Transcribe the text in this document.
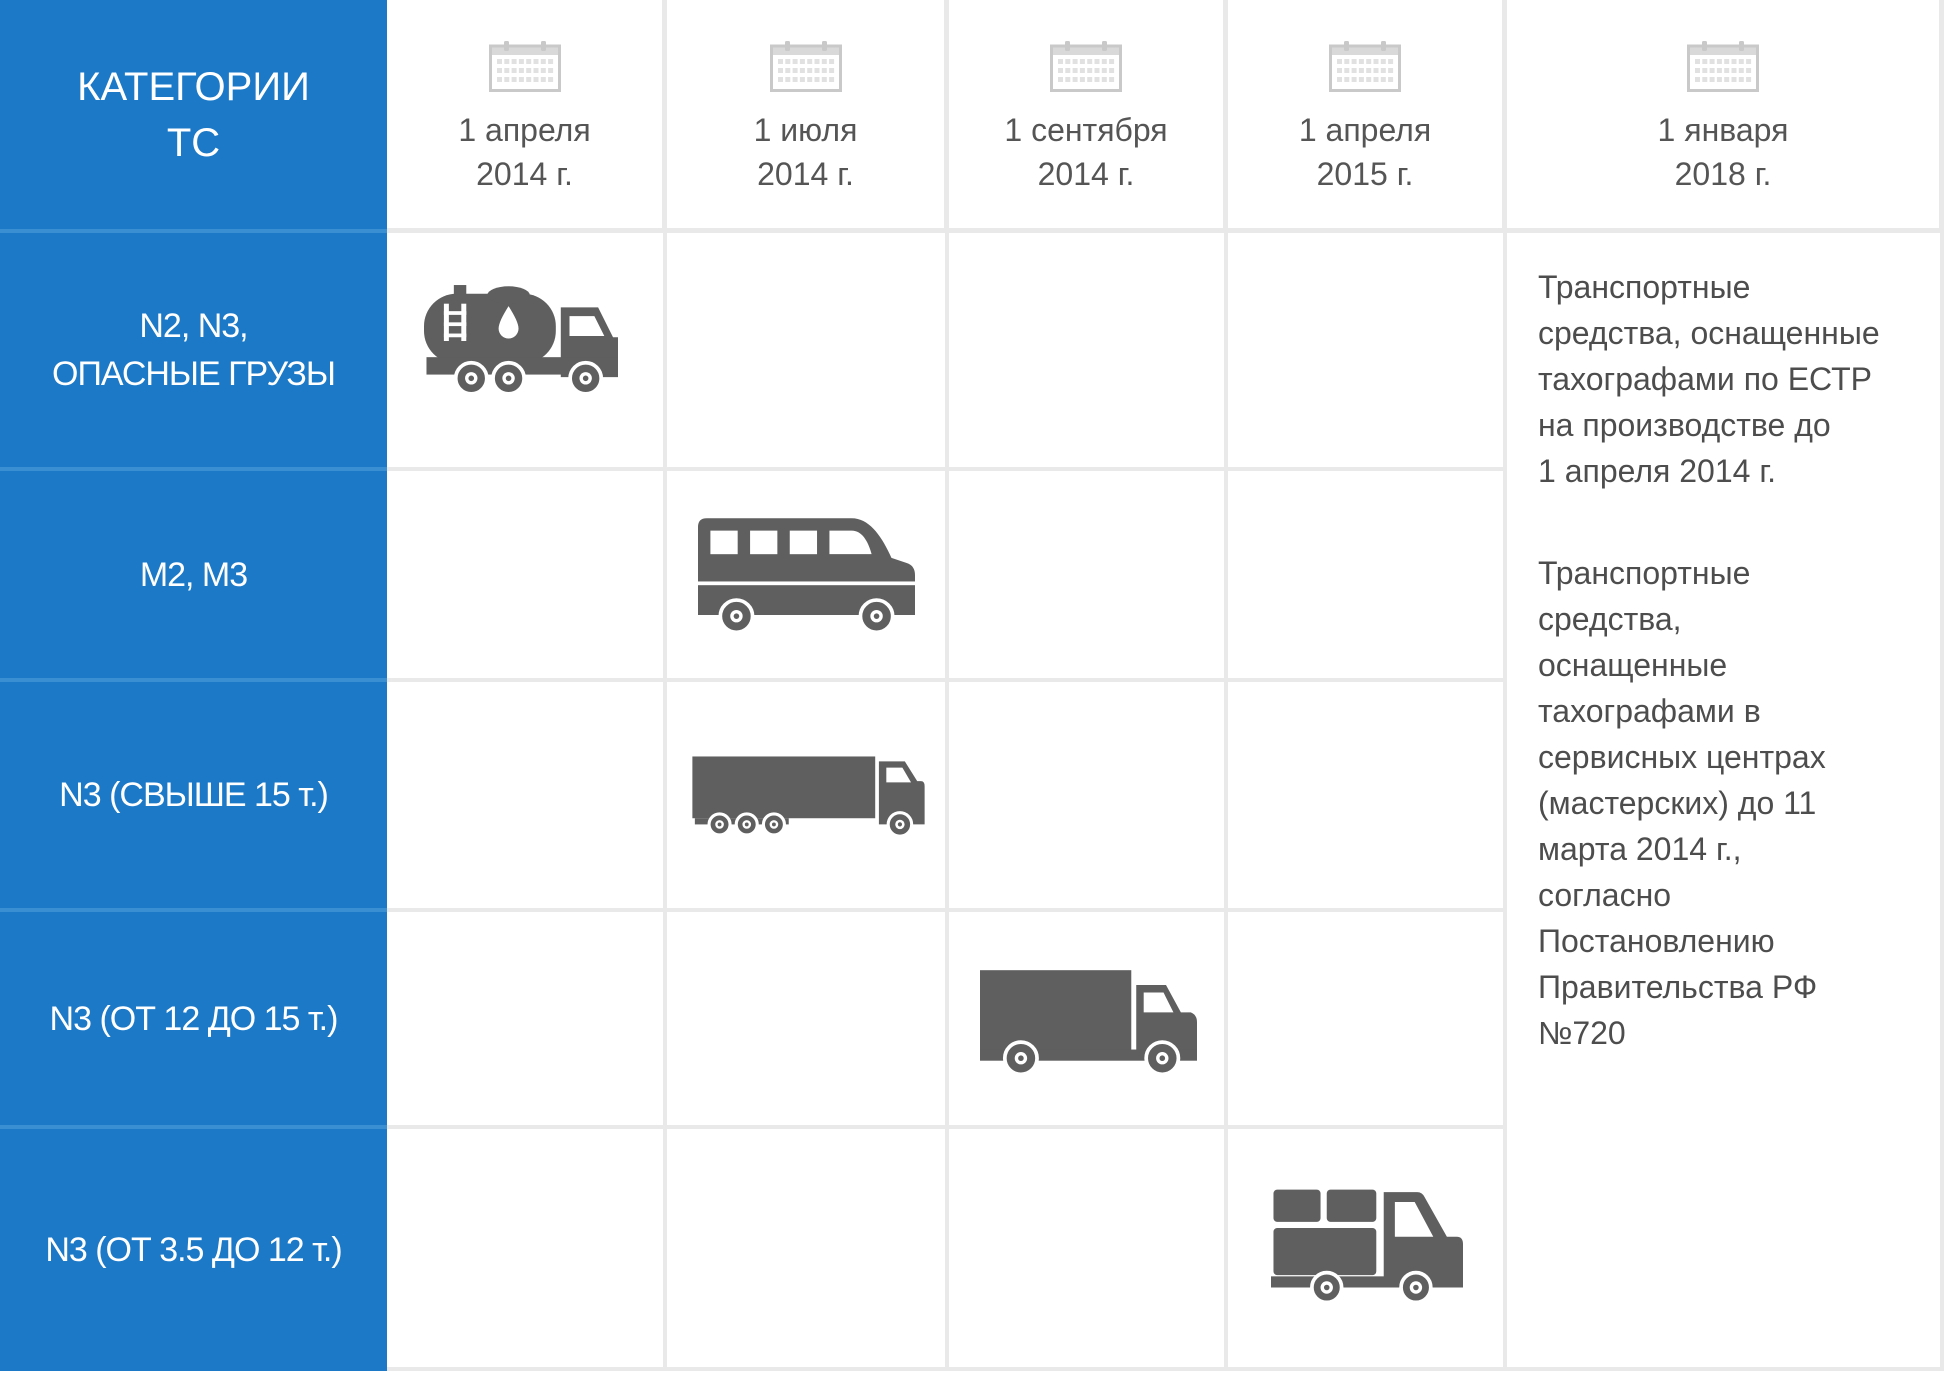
КАТЕГОРИИ
ТС
Транспортные
средства, оснащенные
тахографами по ЕСТР
на производстве до
1 апреля 2014 г.
Транспортные
средства,
оснащенные
тахографами в
сервисных центрах
(мастерских) до 11
марта 2014 г.,
согласно
Постановлению
Правительства РФ
№720
1 апреля
2014 г.
1 июля
2014 г.
1 сентября
2014 г.
1 апреля
2015 г.
1 января
2018 г.
N2, N3,
ОПАСНЫЕ ГРУЗЫ
M2, M3
N3 (СВЫШЕ 15 т.)
N3 (ОТ 12 ДО 15 т.)
N3 (ОТ 3.5 ДО 12 т.)
